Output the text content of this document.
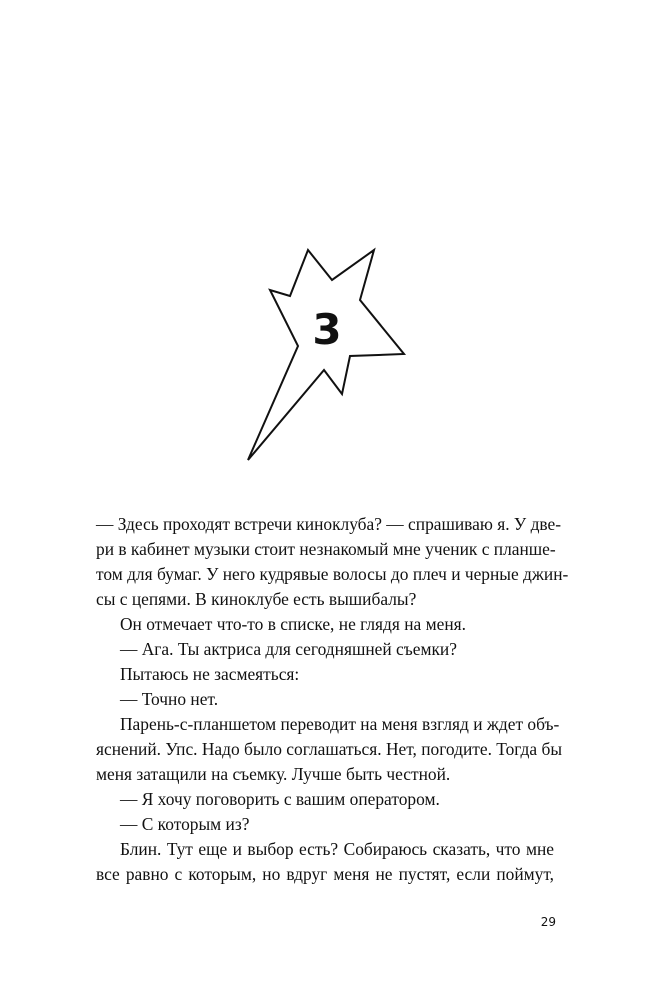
3
— Здесь проходят встречи киноклуба? — спрашиваю я. У две-
ри в кабинет музыки стоит незнакомый мне ученик с планше-
том для бумаг. У него кудрявые волосы до плеч и черные джин-
сы с цепями. В киноклубе есть вышибалы?
Он отмечает что-то в списке, не глядя на меня.
— Ага. Ты актриса для сегодняшней съемки?
Пытаюсь не засмеяться:
— Точно нет.
Парень-с-планшетом переводит на меня взгляд и ждет объ-
яснений. Упс. Надо было соглашаться. Нет, погодите. Тогда бы
меня затащили на съемку. Лучше быть честной.
— Я хочу поговорить с вашим оператором.
— С которым из?
Блин. Тут еще и выбор есть? Собираюсь сказать, что мне
все равно с которым, но вдруг меня не пустят, если поймут,
29
